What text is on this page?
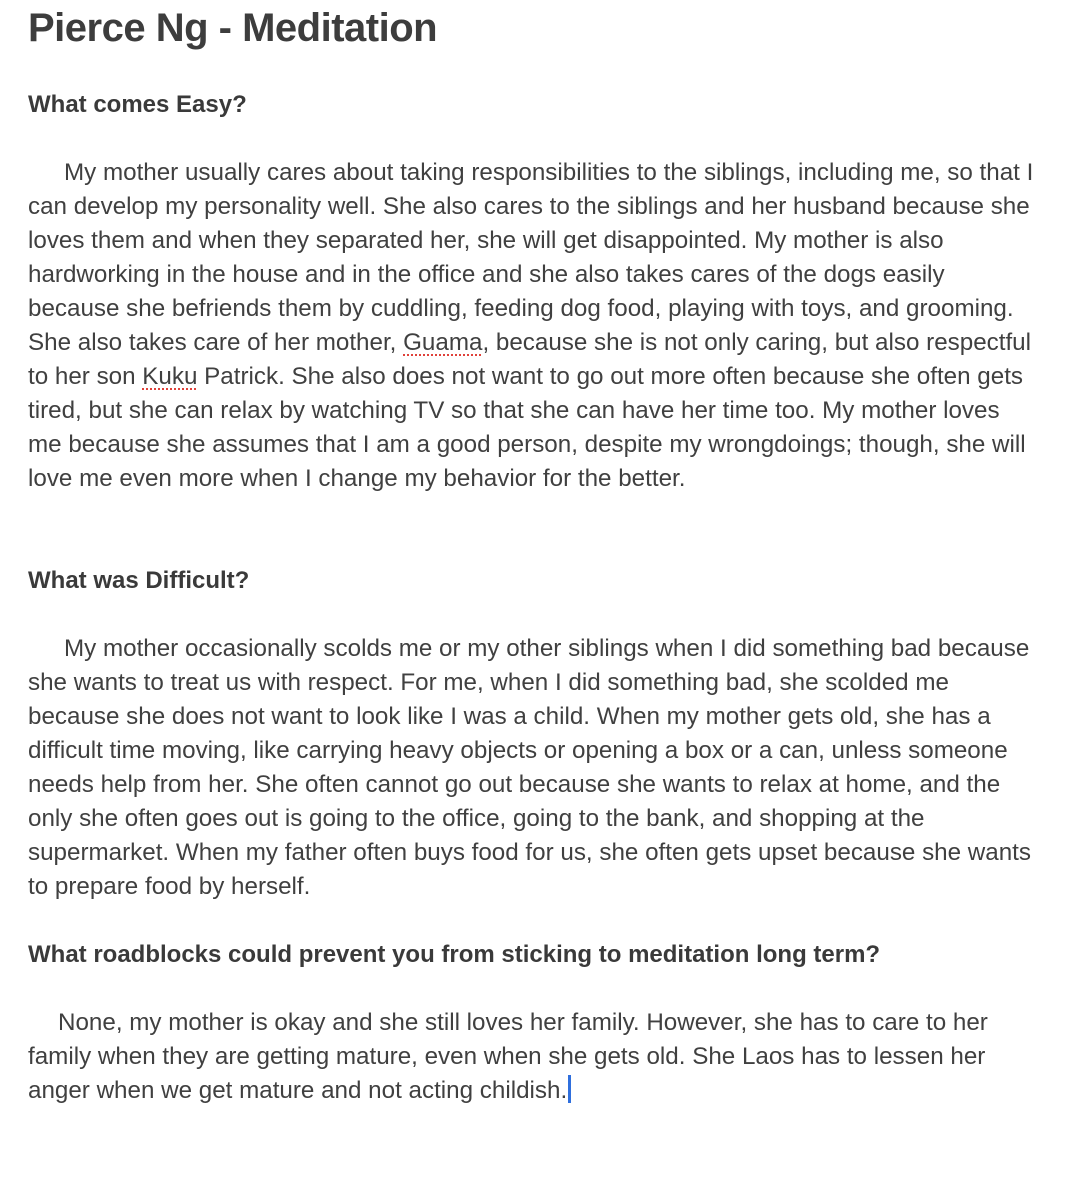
Pierce Ng - Meditation
What comes Easy?

My mother usually cares about taking responsibilities to the siblings, including me, so that I can develop my personality well. She also cares to the siblings and her husband because she loves them and when they separated her, she will get disappointed. My mother is also hardworking in the house and in the office and she also takes cares of the dogs easily because she befriends them by cuddling, feeding dog food, playing with toys, and grooming. She also takes care of her mother, Guama, because she is not only caring, but also respectful to her son Kuku Patrick. She also does not want to go out more often because she often gets tired, but she can relax by watching TV so that she can have her time too. My mother loves me because she assumes that I am a good person, despite my wrongdoings; though, she will love me even more when I change my behavior for the better.

What was Difficult?

My mother occasionally scolds me or my other siblings when I did something bad because she wants to treat us with respect. For me, when I did something bad, she scolded me because she does not want to look like I was a child. When my mother gets old, she has a difficult time moving, like carrying heavy objects or opening a box or a can, unless someone needs help from her. She often cannot go out because she wants to relax at home, and the only she often goes out is going to the office, going to the bank, and shopping at the supermarket. When my father often buys food for us, she often gets upset because she wants to prepare food by herself.

What roadblocks could prevent you from sticking to meditation long term?

None, my mother is okay and she still loves her family. However, she has to care to her family when they are getting mature, even when she gets old. She Laos has to lessen her anger when we get mature and not acting childish.
